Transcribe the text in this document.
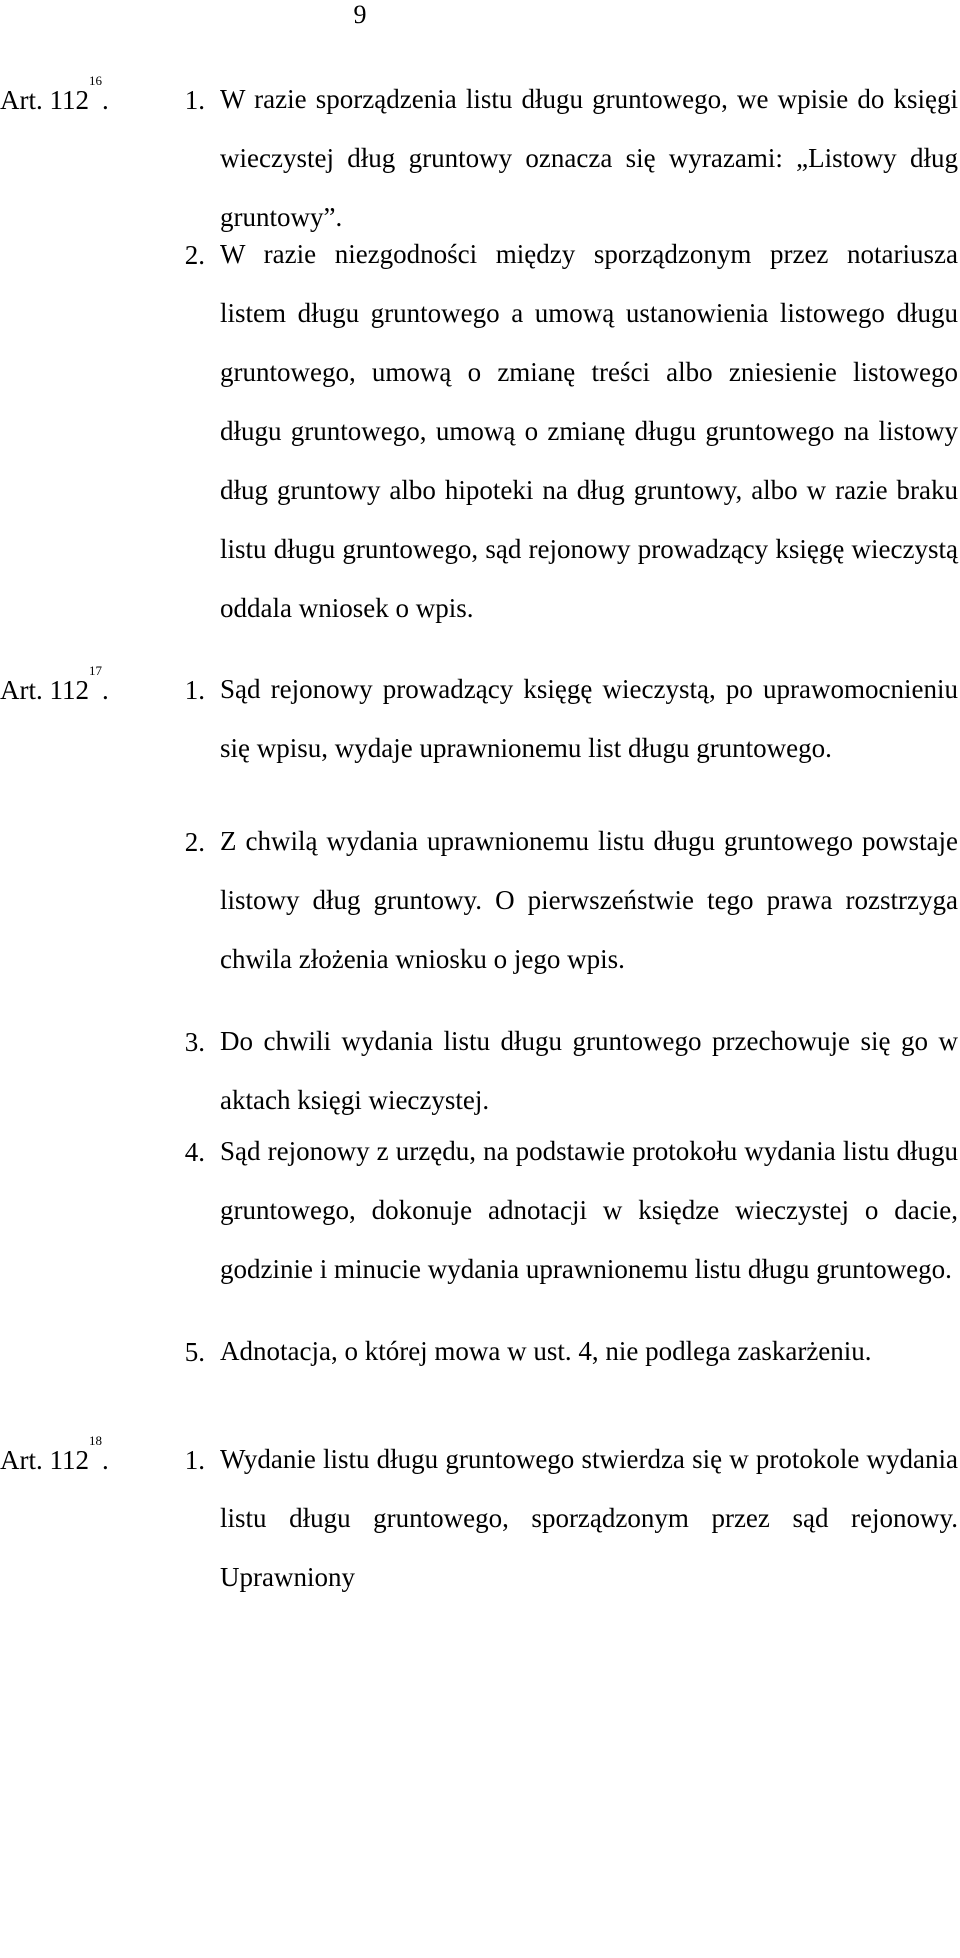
9
Art. $112^{16}$.	1. W razie sporządzenia listu długu gruntowego, we wpisie do księgi wieczystej dług gruntowy oznacza się wyrazami: „Listowy dług gruntowy”.
2. W razie niezgodności między sporządzonym przez notariusza listem długu gruntowego a umową ustanowienia listowego długu gruntowego, umową o zmianę treści albo zniesienie listowego długu gruntowego, umową o zmianę długu gruntowego na listowy dług gruntowy albo hipoteki na dług gruntowy, albo w razie braku listu długu gruntowego, sąd rejonowy prowadzący księgę wieczystą oddala wniosek o wpis.
Art. $112^{17}$.	1. Sąd rejonowy prowadzący księgę wieczystą, po uprawomocnieniu się wpisu, wydaje uprawnionemu list długu gruntowego.
2. Z chwilą wydania uprawnionemu listu długu gruntowego powstaje listowy dług gruntowy. O pierwszeństwie tego prawa rozstrzyga chwila złożenia wniosku o jego wpis.
3. Do chwili wydania listu długu gruntowego przechowuje się go w aktach księgi wieczystej.
4. Sąd rejonowy z urzędu, na podstawie protokołu wydania listu długu gruntowego, dokonuje adnotacji w księdze wieczystej o dacie, godzinie i minucie wydania uprawnionemu listu długu gruntowego.
5. Adnotacja, o której mowa w ust. 4, nie podlega zaskarżeniu.
Art. $112^{18}$.	1. Wydanie listu długu gruntowego stwierdza się w protokole wydania listu długu gruntowego, sporządzonym przez sąd rejonowy. Uprawniony
